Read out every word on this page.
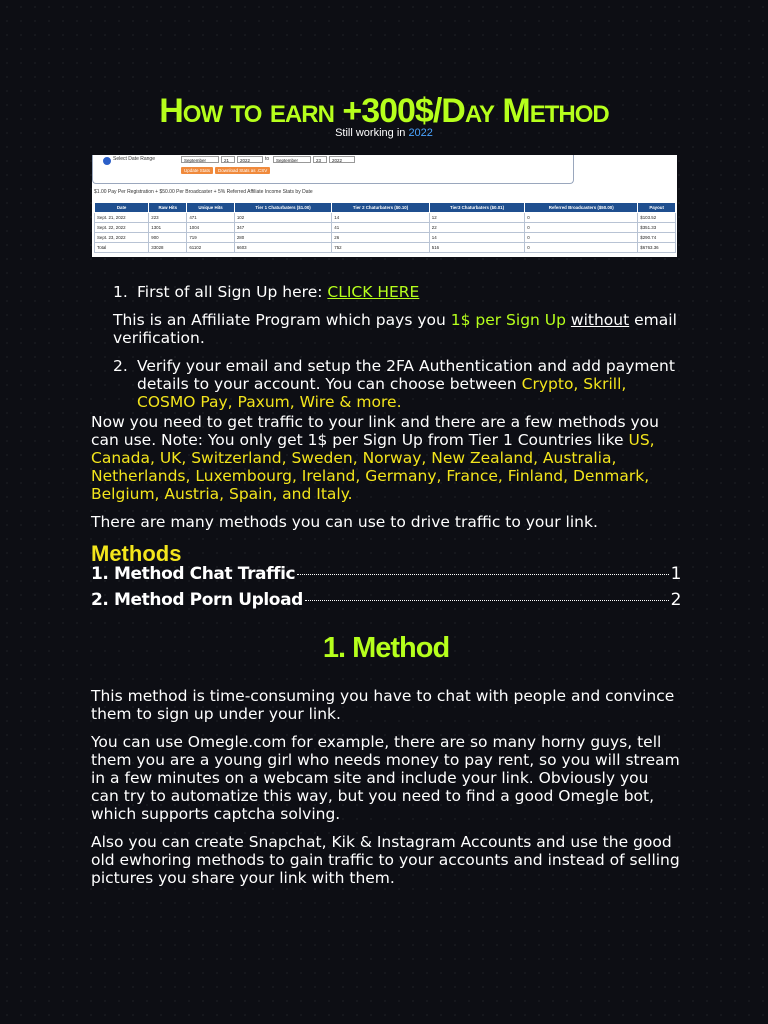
How to earn +300$/Day Method
Still working in 2022
Select Date Range	September	21	2022	to	September	23	2022
Update Stats	Download Stats as .CSV
$1.00 Pay Per Registration + $50.00 Per Broadcaster + 5% Referred Affiliate Income Stats by Date
Date	Raw Hits	Unique Hits	Tier 1 Chaturbaters ($1.00)	Tier 2 Chaturbaters ($0.10)	Tier3 Chaturbaters ($0.01)	Referred Broadcasters ($50.00)	Payout
Sept. 21, 2022	223	471	102	14	12	0	$103.52
Sept. 22, 2022	1301	1004	347	41	22	0	$351.33
Sept. 23, 2022	900	719	280	26	14	0	$290.74
Total	33028	61102	6603	752	516	0	$6763.36

1. First of all Sign Up here: CLICK HERE

This is an Affiliate Program which pays you 1$ per Sign Up without email verification.

2. Verify your email and setup the 2FA Authentication and add payment details to your account. You can choose between Crypto, Skrill, COSMO Pay, Paxum, Wire & more.

Now you need to get traffic to your link and there are a few methods you can use. Note: You only get 1$ per Sign Up from Tier 1 Countries like US, Canada, UK, Switzerland, Sweden, Norway, New Zealand, Australia, Netherlands, Luxembourg, Ireland, Germany, France, Finland, Denmark, Belgium, Austria, Spain, and Italy.

There are many methods you can use to drive traffic to your link.

Methods
1. Method Chat Traffic	1
2. Method Porn Upload	2
1. Method

This method is time-consuming you have to chat with people and convince them to sign up under your link.

You can use Omegle.com for example, there are so many horny guys, tell them you are a young girl who needs money to pay rent, so you will stream in a few minutes on a webcam site and include your link. Obviously you can try to automatize this way, but you need to find a good Omegle bot, which supports captcha solving.

Also you can create Snapchat, Kik & Instagram Accounts and use the good old ewhoring methods to gain traffic to your accounts and instead of selling pictures you share your link with them.
